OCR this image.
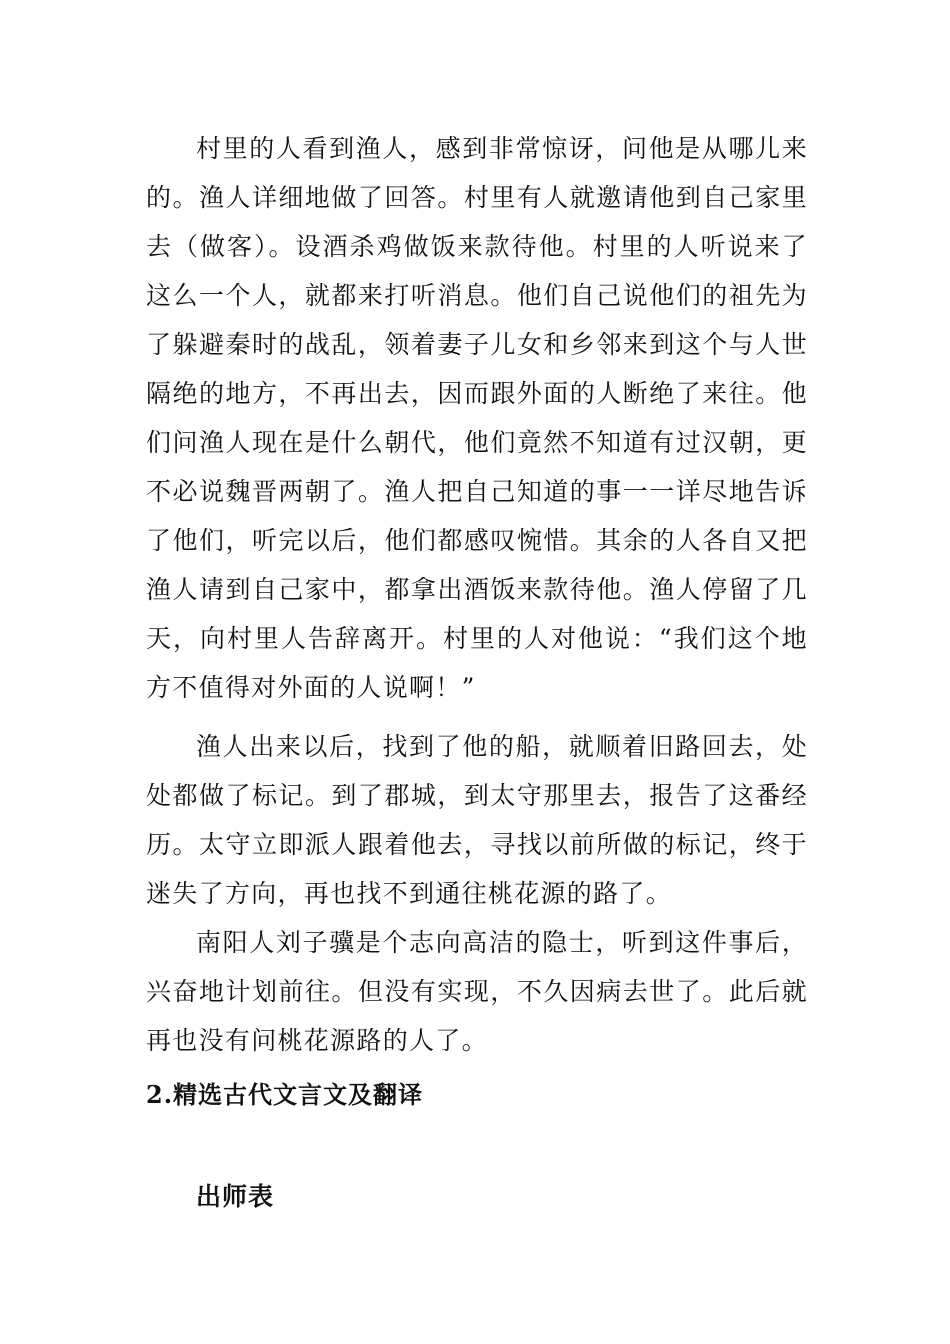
村里的人看到渔人，感到非常惊讶，问他是从哪儿来的。渔人详细地做了回答。村里有人就邀请他到自己家里去（做客）。设酒杀鸡做饭来款待他。村里的人听说来了这么一个人，就都来打听消息。他们自己说他们的祖先为了躲避秦时的战乱，领着妻子儿女和乡邻来到这个与人世隔绝的地方，不再出去，因而跟外面的人断绝了来往。他们问渔人现在是什么朝代，他们竟然不知道有过汉朝，更不必说魏晋两朝了。渔人把自己知道的事一一详尽地告诉了他们，听完以后，他们都感叹惋惜。其余的人各自又把渔人请到自己家中，都拿出酒饭来款待他。渔人停留了几天，向村里人告辞离开。村里的人对他说：“我们这个地方不值得对外面的人说啊！”

渔人出来以后，找到了他的船，就顺着旧路回去，处处都做了标记。到了郡城，到太守那里去，报告了这番经历。太守立即派人跟着他去，寻找以前所做的标记，终于迷失了方向，再也找不到通往桃花源的路了。

南阳人刘子骥是个志向高洁的隐士，听到这件事后，兴奋地计划前往。但没有实现，不久因病去世了。此后就再也没有问桃花源路的人了。

2.精选古代文言文及翻译
出师表
